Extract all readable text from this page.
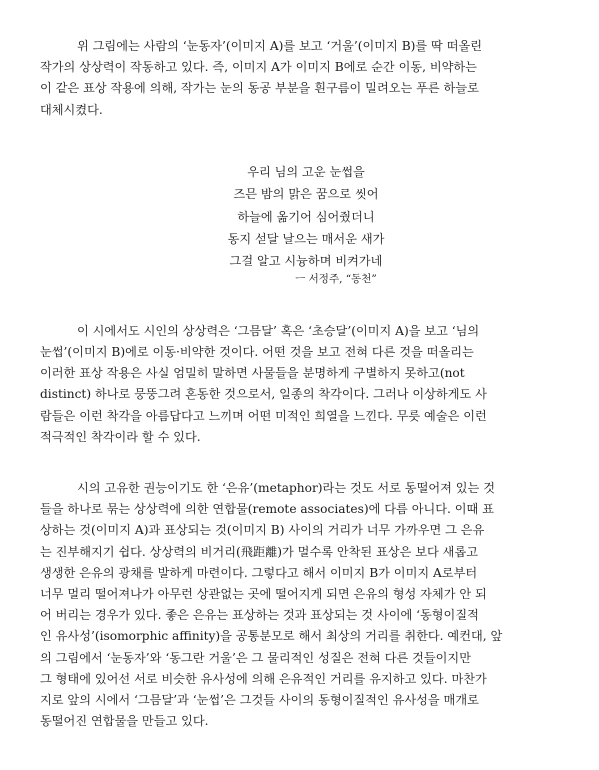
위 그림에는 사람의 ‘눈동자’(이미지 A)를 보고 ‘거울’(이미지 B)를 딱 떠올린
작가의 상상력이 작동하고 있다. 즉, 이미지 A가 이미지 B에로 순간 이동, 비약하는
이 같은 표상 작용에 의해, 작가는 눈의 동공 부분을 흰구름이 밀려오는 푸른 하늘로
대체시켰다.

우리 님의 고운 눈썹을
즈믄 밤의 맑은 꿈으로 씻어
하늘에 옮기어 심어줬더니
동지 섣달 날으는 매서운 새가
그걸 알고 시늉하며 비켜가네
ㅡ 서정주, “동천”

이 시에서도 시인의 상상력은 ‘그믐달’ 혹은 ‘초승달’(이미지 A)을 보고 ‘님의
눈썹’(이미지 B)에로 이동·비약한 것이다. 어떤 것을 보고 전혀 다른 것을 떠올리는
이러한 표상 작용은 사실 엄밀히 말하면 사물들을 분명하게 구별하지 못하고(not
distinct) 하나로 뭉뚱그려 혼동한 것으로서, 일종의 착각이다. 그러나 이상하게도 사
람들은 이런 착각을 아름답다고 느끼며 어떤 미적인 희열을 느낀다. 무릇 예술은 이런
적극적인 착각이라 할 수 있다.

시의 고유한 권능이기도 한 ‘은유’(metaphor)라는 것도 서로 동떨어져 있는 것
들을 하나로 묶는 상상력에 의한 연합물(remote associates)에 다름 아니다. 이때 표
상하는 것(이미지 A)과 표상되는 것(이미지 B) 사이의 거리가 너무 가까우면 그 은유
는 진부해지기 쉽다. 상상력의 비거리(飛距離)가 멀수록 안착된 표상은 보다 새롭고
생생한 은유의 광채를 발하게 마련이다. 그렇다고 해서 이미지 B가 이미지 A로부터
너무 멀리 떨어져나가 아무런 상관없는 곳에 떨어지게 되면 은유의 형성 자체가 안 되
어 버리는 경우가 있다. 좋은 은유는 표상하는 것과 표상되는 것 사이에 ‘동형이질적
인 유사성’(isomorphic affinity)을 공통분모로 해서 최상의 거리를 취한다. 예컨대, 앞
의 그림에서 ‘눈동자’와 ‘동그란 거울’은 그 물리적인 성질은 전혀 다른 것들이지만
그 형태에 있어선 서로 비슷한 유사성에 의해 은유적인 거리를 유지하고 있다. 마찬가
지로 앞의 시에서 ‘그믐달’과 ‘눈썹’은 그것들 사이의 동형이질적인 유사성을 매개로
동떨어진 연합물을 만들고 있다.
